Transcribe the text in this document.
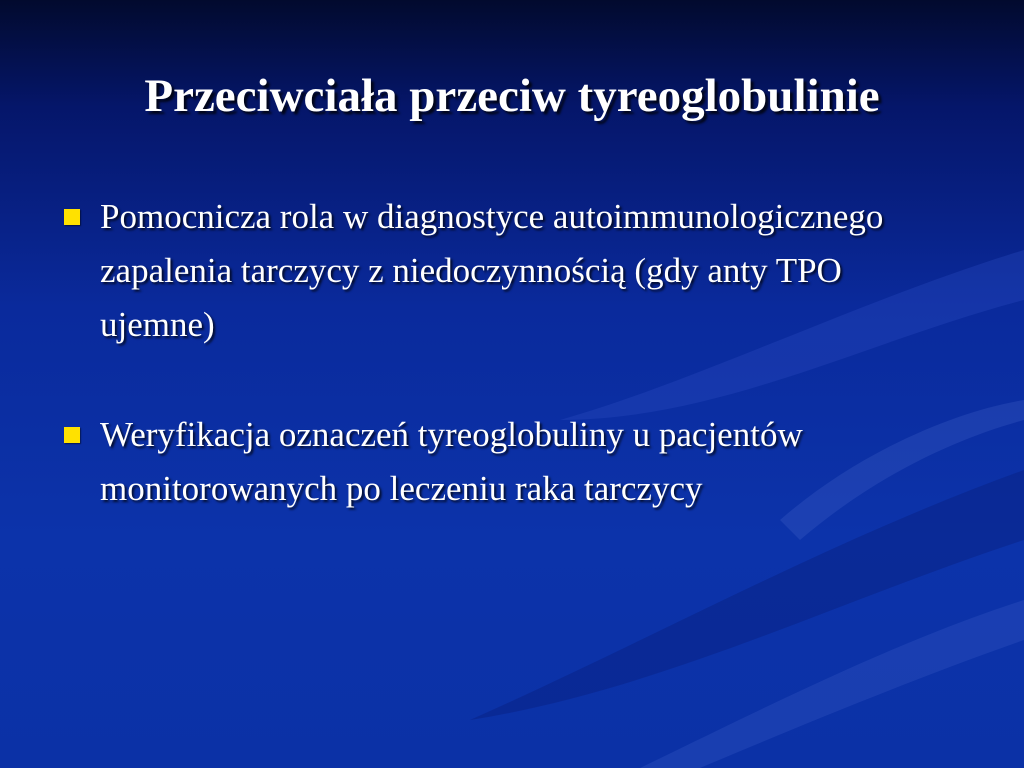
Przeciwciała przeciw tyreoglobulinie
Pomocnicza rola w diagnostyce autoimmunologicznego zapalenia tarczycy z niedoczynnością (gdy anty TPO ujemne)
Weryfikacja oznaczeń tyreoglobuliny u pacjentów monitorowanych po leczeniu raka tarczycy
